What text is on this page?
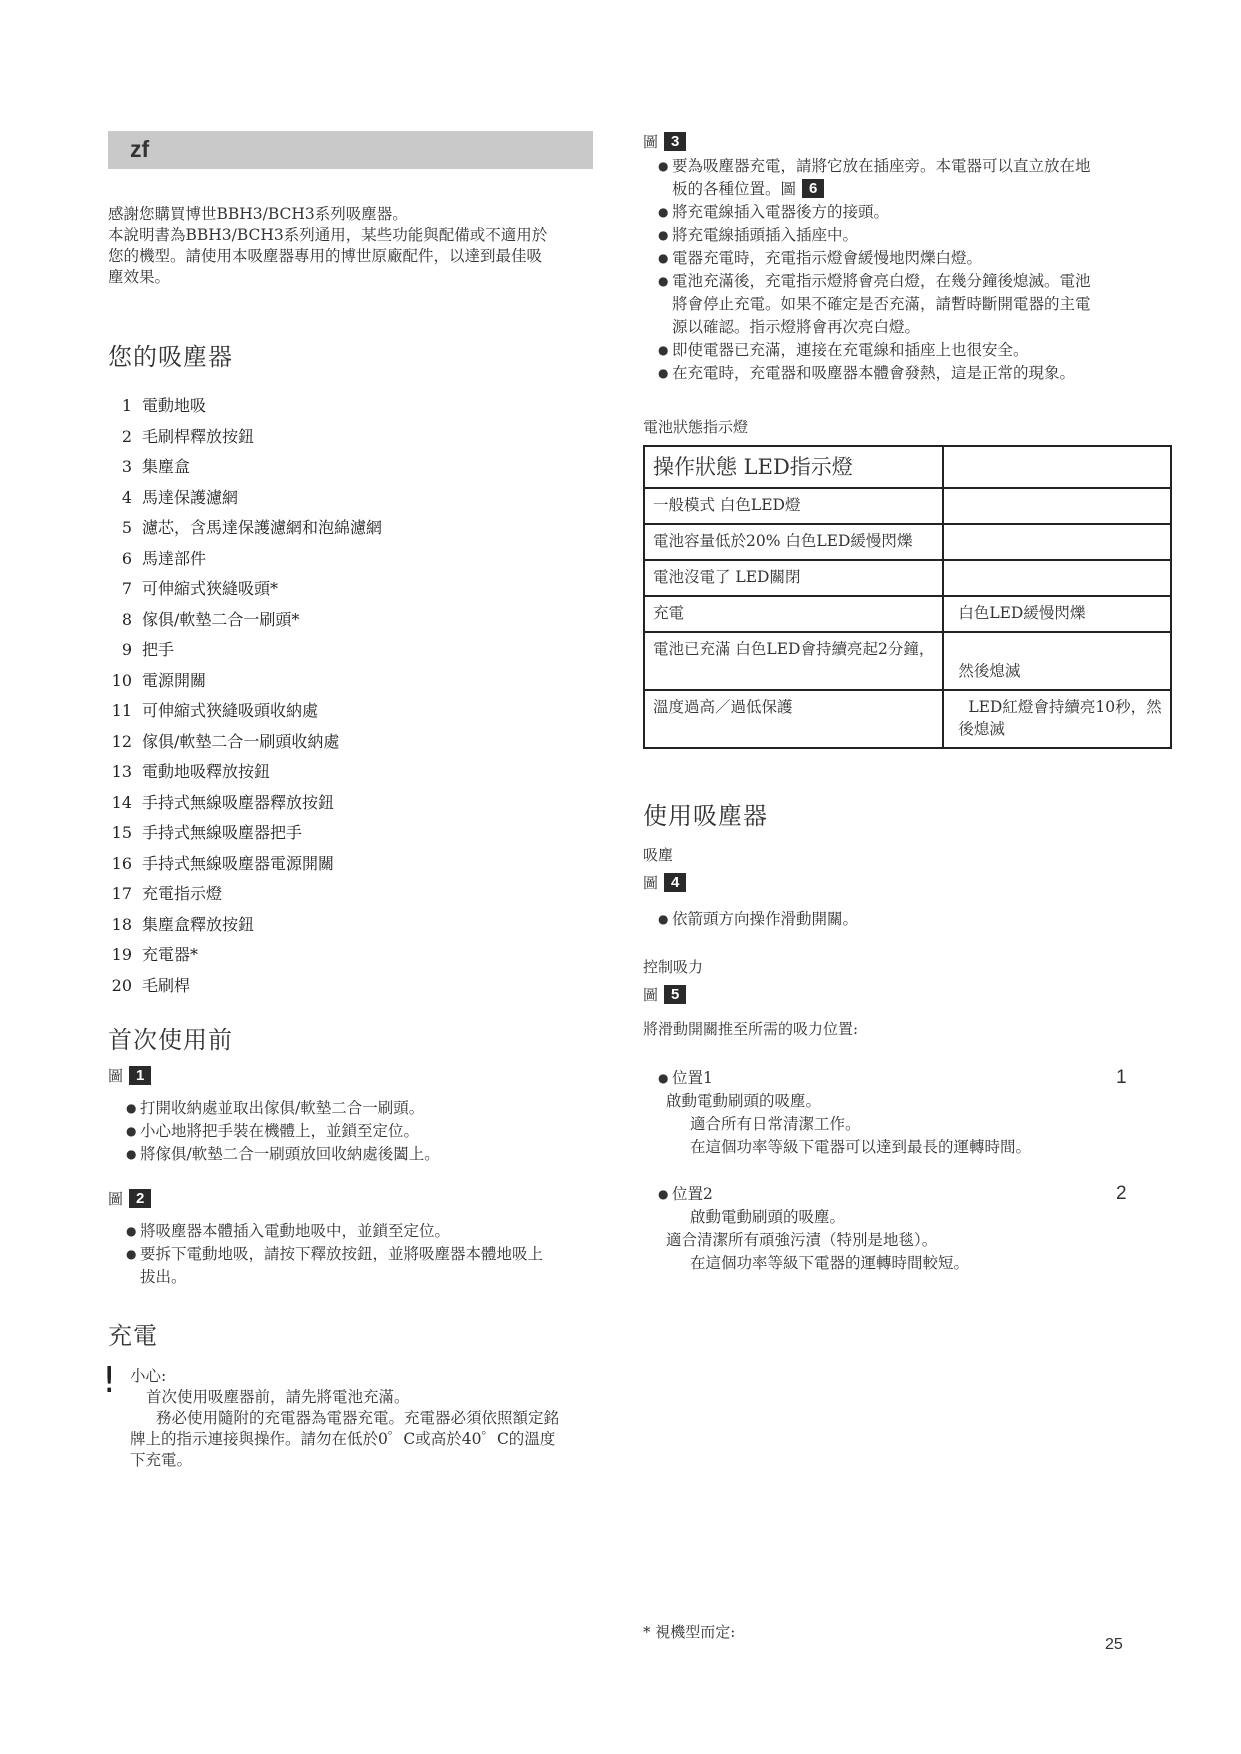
zf
感謝您購買博世BBH3/BCH3系列吸塵器。
本說明書為BBH3/BCH3系列通用，某些功能與配備或不適用於
您的機型。請使用本吸塵器專用的博世原廠配件，以達到最佳吸
塵效果。
您的吸塵器
1 電動地吸
2 毛刷桿釋放按鈕
3 集塵盒
4 馬達保護濾網
5 濾芯，含馬達保護濾網和泡綿濾網
6 馬達部件
7 可伸縮式狹縫吸頭*
8 傢俱/軟墊二合一刷頭*
9 把手
10 電源開關
11 可伸縮式狹縫吸頭收納處
12 傢俱/軟墊二合一刷頭收納處
13 電動地吸釋放按鈕
14 手持式無線吸塵器釋放按鈕
15 手持式無線吸塵器把手
16 手持式無線吸塵器電源開關
17 充電指示燈
18 集塵盒釋放按鈕
19 充電器*
20 毛刷桿
首次使用前
圖 1
● 打開收納處並取出傢俱/軟墊二合一刷頭。
● 小心地將把手裝在機體上，並鎖至定位。
● 將傢俱/軟墊二合一刷頭放回收納處後闔上。
圖 2
● 將吸塵器本體插入電動地吸中，並鎖至定位。
● 要拆下電動地吸，請按下釋放按鈕，並將吸塵器本體地吸上
拔出。
充電
! 小心:
首次使用吸塵器前，請先將電池充滿。
務必使用隨附的充電器為電器充電。充電器必須依照額定銘
牌上的指示連接與操作。請勿在低於0゜C或高於40゜C的溫度
下充電。
圖 3
● 要為吸塵器充電，請將它放在插座旁。本電器可以直立放在地
板的各種位置。圖 6
● 將充電線插入電器後方的接頭。
● 將充電線插頭插入插座中。
● 電器充電時，充電指示燈會緩慢地閃爍白燈。
● 電池充滿後，充電指示燈將會亮白燈，在幾分鐘後熄滅。電池
將會停止充電。如果不確定是否充滿，請暫時斷開電器的主電
源以確認。指示燈將會再次亮白燈。
● 即使電器已充滿，連接在充電線和插座上也很安全。
● 在充電時，充電器和吸塵器本體會發熱，這是正常的現象。
電池狀態指示燈
操作狀態 LED指示燈	
一般模式 白色LED燈	
電池容量低於20% 白色LED緩慢閃爍	
電池沒電了 LED關閉	
充電	白色LED緩慢閃爍
電池已充滿 白色LED會持續亮起2分鐘，	然後熄滅
溫度過高／過低保護	LED紅燈會持續亮10秒，然
後熄滅
使用吸塵器
吸塵
圖 4
● 依箭頭方向操作滑動開關。
控制吸力
圖 5
將滑動開關推至所需的吸力位置:
● 位置1
啟動電動刷頭的吸塵。
適合所有日常清潔工作。
在這個功率等級下電器可以達到最長的運轉時間。
1
● 位置2
啟動電動刷頭的吸塵。
適合清潔所有頑強污漬（特別是地毯）。
在這個功率等級下電器的運轉時間較短。
2
* 視機型而定:
25
